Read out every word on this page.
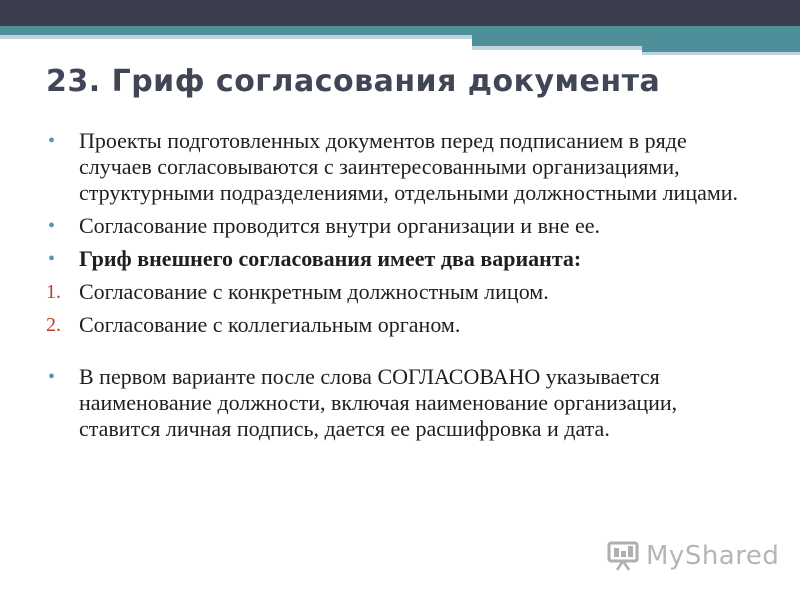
23. Гриф согласования документа
•	Проекты подготовленных документов перед подписанием в ряде случаев согласовываются с заинтересованными организациями, структурными подразделениями, отдельными должностными лицами.
•	Согласование проводится внутри организации и вне ее.
•	Гриф внешнего согласования имеет два варианта:
1. Согласование с конкретным должностным лицом.
2. Согласование с коллегиальным органом.
•	В первом варианте после слова СОГЛАСОВАНО указывается наименование должности, включая наименование организации, ставится личная подпись, дается ее расшифровка и дата.
MyShared
